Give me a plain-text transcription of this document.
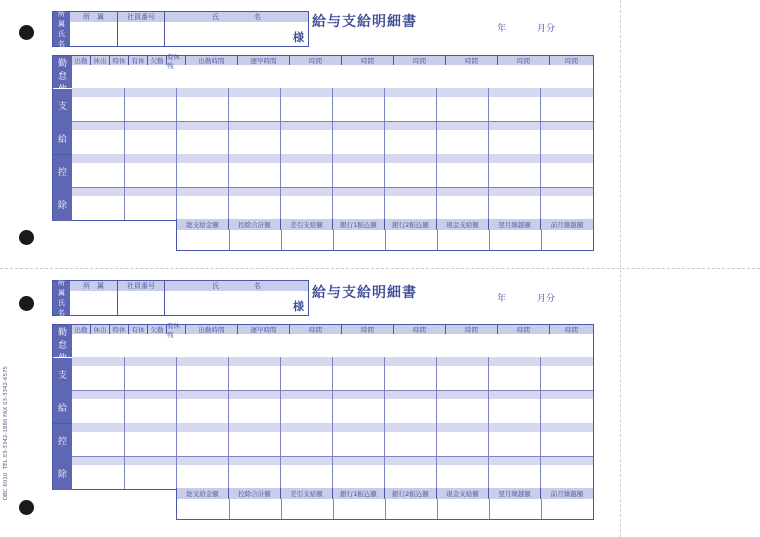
OBC 6010  TEL 03-3342-1880 FAX 03-3342-6575
所
属
氏
名
所　属	社員番号	氏　　　　　名
様
給与支給明細書	年	月分
勤
怠
支
給
控
除
出勤 休出 特休 有休 欠勤
有休残
出勤時間	遅早時間	時間	時間	時間	時間	時間	時間
総支給金額	控除合計額	差引支給額	銀行1振込額	銀行2振込額	現金支給額	翌月繰越額	前月繰越額
所
属
氏
名
所　属	社員番号	氏　　　　　名
様
給与支給明細書	年	月分
勤
怠
支
給
控
除
出勤 休出 特休 有休 欠勤
有休残
出勤時間	遅早時間	時間	時間	時間	時間	時間	時間
総支給金額	控除合計額	差引支給額	銀行1振込額	銀行2振込額	現金支給額	翌月繰越額	前月繰越額
